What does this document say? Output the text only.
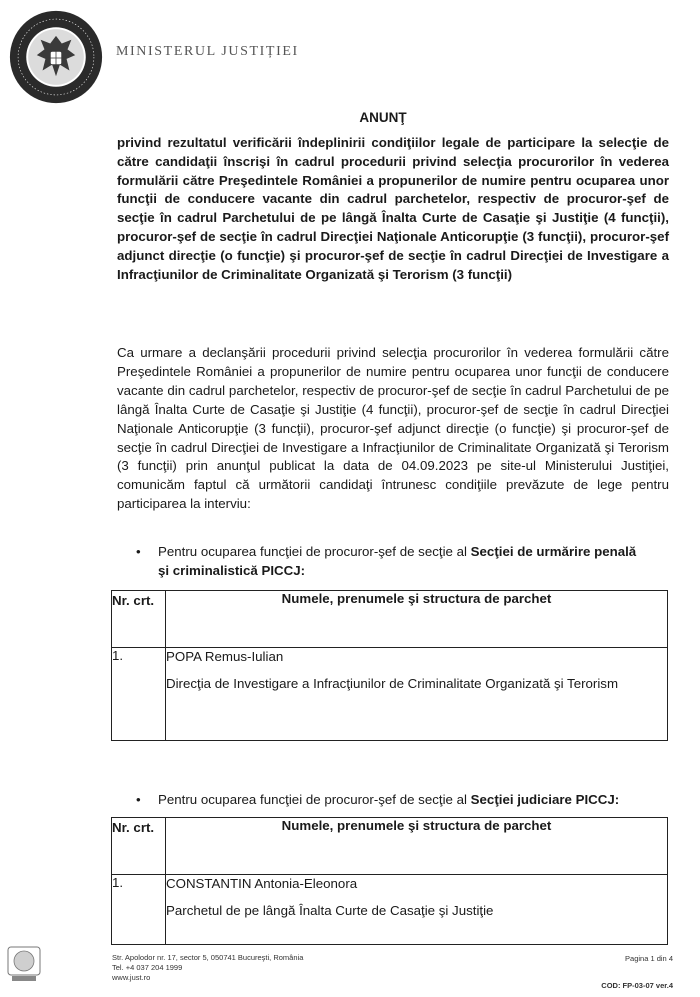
MINISTERUL JUSTIȚIEI
ANUNŢ

privind rezultatul verificării îndeplinirii condiţiilor legale de participare la selecţie de către candidaţii înscrişi în cadrul procedurii privind selecţia procurorilor în vederea formulării către Preşedintele României a propunerilor de numire pentru ocuparea unor funcţii de conducere vacante din cadrul parchetelor, respectiv de procuror-şef de secţie în cadrul Parchetului de pe lângă Înalta Curte de Casaţie şi Justiţie (4 funcţii), procuror-şef de secţie în cadrul Direcţiei Naţionale Anticorupţie (3 funcţii), procuror-şef adjunct direcţie (o funcţie) şi procuror-şef de secţie în cadrul Direcţiei de Investigare a Infracţiunilor de Criminalitate Organizată şi Terorism (3 funcţii)

Ca urmare a declanşării procedurii privind selecţia procurorilor în vederea formulării către Preşedintele României a propunerilor de numire pentru ocuparea unor funcţii de conducere vacante din cadrul parchetelor, respectiv de procuror-şef de secţie în cadrul Parchetului de pe lângă Înalta Curte de Casaţie şi Justiţie (4 funcţii), procuror-şef de secţie în cadrul Direcţiei Naţionale Anticorupţie (3 funcţii), procuror-şef adjunct direcţie (o funcţie) şi procuror-şef de secţie în cadrul Direcţiei de Investigare a Infracţiunilor de Criminalitate Organizată şi Terorism (3 funcţii) prin anunţul publicat la data de 04.09.2023 pe site-ul Ministerului Justiţiei, comunicăm faptul că următorii candidaţi întrunesc condiţiile prevăzute de lege pentru participarea la interviu:

• Pentru ocuparea funcţiei de procuror-şef de secţie al Secţiei de urmărire penală
şi criminalistică PICCJ:
Nr. crt.	Numele, prenumele şi structura de parchet
1.	POPA Remus-Iulian
Direcţia de Investigare a Infracţiunilor de Criminalitate Organizată şi Terorism
• Pentru ocuparea funcţiei de procuror-şef de secţie al Secţiei judiciare PICCJ:
Nr. crt.	Numele, prenumele şi structura de parchet
1.	CONSTANTIN Antonia-Eleonora
Parchetul de pe lângă Înalta Curte de Casaţie şi Justiţie
Str. Apolodor nr. 17, sector 5, 050741 Bucureşti, România
Tel. +4 037 204 1999
www.just.ro
Pagina 1 din 4
COD: FP-03-07 ver.4
